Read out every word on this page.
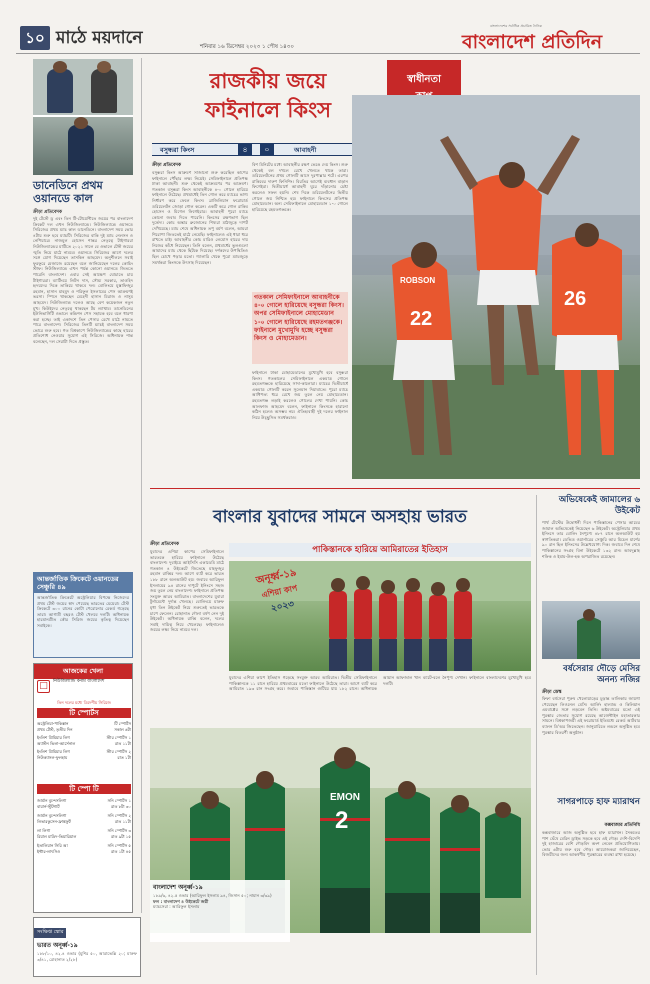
১০ মাঠে ময়দানে	শনিবার ১৬ ডিসেম্বর ২০২৩ ১ পৌষ ১৪৩০
বাংলাদেশের সর্বাধিক প্রচারিত দৈনিক
বাংলাদেশ প্রতিদিন
ডানেডিনে প্রথম ওয়ানডে কাল
ক্রীড়া প্রতিবেদক
দুই টেস্টে ড্র এবং তিন টি-টোয়েন্টিতে জয়ের পর বাংলাদেশ ক্রিকেট দল এখন নিউজিল্যান্ডে। নিউজিল্যান্ডে ওয়ানডে সিরিজের প্রথম ম্যাচ কাল ডানেডিনে। বাংলাদেশ সময় ভোর ৪টায় শুরু হবে ম্যাচটি। সিরিজের বাকি দুই ম্যাচ নেলসন ও নেপিয়ারে। নাজমুল হোসেন শান্তর নেতৃত্বে টাইগাররা নিউজিল্যান্ডের মাটিতে ২০২১ সালে বে ওভালে টেস্ট জয়ের স্মৃতি নিয়ে মাঠে নামবে। ওয়ানডে সিরিজের আগে দলের সঙ্গে যোগ দিয়েছেন তাসকিন আহমেদ। অনুশীলনে সবাই ফুরফুরে মেজাজে রয়েছেন বলে জানিয়েছেন দলের কোচিং স্টাফ। নিউজিল্যান্ডে এখন পর্যন্ত কোনো ওয়ানডে জিততে পারেনি বাংলাদেশ। এবার সেই আক্ষেপ ঘোচাতে চায় টাইগাররা। ব্যাটিংয়ে লিটন দাস, সৌম্য সরকার, তাওহিদ হৃদয়দের দিকে তাকিয়ে থাকবে দল। বোলিংয়ে মুস্তাফিজুর রহমান, হাসান মাহমুদ ও শরিফুল ইসলামের পেস আক্রমণই ভরসা। স্পিনে থাকছেন মেহেদী হাসান মিরাজ ও নাসুম আহমেদ। নিউজিল্যান্ড দলেও আছে বেশ কয়েকজন নতুন মুখ। কিউইদের নেতৃত্বে থাকছেন টম ল্যাথাম। ডানেডিনের ইউনিভার্সিটি ওভালে কন্ডিশন পেস সহায়ক হবে বলে ধারণা করা হচ্ছে। তাই একাদশে তিন পেসার রেখে মাঠে নামতে পারে বাংলাদেশ। সিরিজের তিনটি ম্যাচই বাংলাদেশ সময় ভোরে শুরু হবে। গত বিশ্বকাপে নিউজিল্যান্ডের কাছে হারের প্রতিশোধ নেওয়ার সুযোগ এই সিরিজে। অধিনায়ক শান্ত বলেছেন, দল সেরাটা দিতে প্রস্তুত।
আন্তর্জাতিক ক্রিকেটে ওয়ানডের সেঞ্চুরি ৪৯
আন্তর্জাতিক ক্রিকেটে অস্ট্রেলিয়ার বিপক্ষে নিজেদের প্রথম টেস্ট জয়ের স্বাদ পেয়েছে ভারতের মেয়েরা। টেস্ট ক্রিকেটে ৩০০ রানের কোটা পেরোনোর রেকর্ড গড়েছে তারা। আগামী বছরও টেস্ট খেলবে দলটি। অধিনায়ক হারমানপ্রীত কৌর সিরিজ জয়ের কৃতিত্ব দিয়েছেন সবাইকে।
আজকের খেলা
□	নিউজিল্যান্ড বনাম বাংলাদেশ
তিন দলের মধ্যে ত্রিদেশীয় সিরিজে
টি স্পোর্টস
টি স্পো টি
অস্ট্রেলিয়া-পাকিস্তান	টি স্পোর্টস
প্রথম টেস্ট, তৃতীয় দিন	সকাল ৬টা
ইংলিশ প্রিমিয়ার লিগ	স্টার স্পোর্টস ১
অ্যাস্টন ভিলা-আর্সেনাল	রাত ১১টা
ইংলিশ প্রিমিয়ার লিগ	স্টার স্পোর্টস ২
নিউক্যাসল-ফুলহাম	রাত ১টা
জার্মান বুন্দেসলিগা	সনি স্পোর্টস ১
বায়ার্ন-স্টুটগার্ট	রাত ৮টা ৩০
জার্মান বুন্দেসলিগা	সনি স্পোর্টস ২
লিভারকুসেন-ফ্রাঙ্কফুর্ট	রাত ১১টা
লা লিগা	সনি স্পোর্টস ৩
রিয়াল মাদ্রিদ-ভিয়ারিয়াল	রাত ৯টা ১৫
ইতালিয়ান সিরি আ	সনি স্পোর্টস ৫
ইন্টার-লাৎসিও	রাত ১টা ৪৫
সংক্ষিপ্ত স্কোর
ভারত অনূর্ধ্ব-১৯
১৮৮/১০, ৪২.৪ ওভার (মুশির ৫০, আরাভেল্লি ২০; মারুফ ৩/৪১, রোহানাত ২/২৮)
স্বাধীনতা
রাজকীয় জয়ে
ফাইনালে কিংস
বসুন্ধরা কিংস	৪	০	আবাহনী
ক্রীড়া প্রতিবেদক
বসুন্ধরা কিংস আক্রমণ সাজানো শুরু করেছিল কাপের ফাইনালে পৌঁছার লক্ষ্য নিয়েই। সেমিফাইনালে প্রতিপক্ষ ঢাকা আবাহনী। শুরু থেকেই আক্রমণের পর আক্রমণ। গতকাল বসুন্ধরা কিংস আবাহনীকে ৪-০ গোলে হারিয়ে ফাইনালে উঠেছে। প্রথমার্ধেই তিন গোল করে ম্যাচের ভাগ্য নির্ধারণ করে ফেলে কিংস। ব্রাজিলিয়ান ফরোয়ার্ড ডরিয়েলটন জোড়া গোল করেন। একটি করে গোল রাকিব হোসেন ও মিগেল ফিগেইরার। আবাহনী পুরো ম্যাচে কোনো জবাব দিতে পারেনি। কিংসের রক্ষণভাগ ছিল দুর্ভেদ্য। কোচ অস্কার ব্রুজোনের শিষ্যরা মাঠজুড়ে দাপট দেখিয়েছে। ম্যাচ শেষে অধিনায়ক তপু বর্মণ বলেন, আমরা শিরোপা জিততেই মাঠে নেমেছি। ফাইনালেও এই ধারা ধরে রাখতে চাই। আবাহনীর কোচ মারিও লেমোস হারের দায় নিজের কাঁধে নিয়েছেন। তিনি বলেন, প্রথমার্ধের ভুলগুলো আমাদের ম্যাচ থেকে ছিটকে দিয়েছে। দর্শকদের উপস্থিতিও ছিল চোখে পড়ার মতো। গ্যালারি থেকে পুরো ম্যাচজুড়ে সমর্থকরা কিংসকে উৎসাহ দিয়েছেন।
বিশ মিনিটের মধ্যে আবাহনীর রক্ষণ ভেঙে দেয় কিংস। শুরু থেকেই বল দখলে রেখে খেলতে থাকে তারা। ডরিয়েলটনের প্রথম গোলটি আসে দূরপাল্লার শটে। এরপর রাকিবের দারুণ ফিনিশিং। বিরতির আগেই ব্যবধান বাড়ান ফিগেইরা। দ্বিতীয়ার্ধে আবাহনী ঘুরে দাঁড়ানোর চেষ্টা করলেও সফল হয়নি। শেষ দিকে ডরিয়েলটনের দ্বিতীয় গোলে জয় নিশ্চিত হয়। ফাইনালে কিংসের প্রতিপক্ষ মোহামেডান। অন্য সেমিফাইনালে মোহামেডান ১-০ গোলে হারিয়েছে রহমতগঞ্জকে।
গতকাল সেমিফাইনালে আবাহনীকে ৪-০ গোলে হারিয়েছে বসুন্ধরা কিংস। অপর সেমিফাইনালে মোহামেডান ১-০ গোলে হারিয়েছে রহমতগঞ্জকে। ফাইনালে মুখোমুখি হচ্ছে বসুন্ধরা কিংস ও মোহামেডান।
ফাইনালে ঢাকা মোহামেডানের মুখোমুখি হবে বসুন্ধরা কিংস। গতকালের সেমিফাইনালে একমাত্র গোলে রহমতগঞ্জকে হারিয়েছে সাদা-কালোরা। ম্যাচের দ্বিতীয়ার্ধে একমাত্র গোলটি করেন সুলেমান দিয়াবাতে। পুরো ম্যাচে আধিপত্য ধরে রেখে জয় তুলে নেয় মোহামেডান। রহমতগঞ্জ লড়াই করলেও গোলের দেখা পায়নি। কোচ আলফাজ আহমেদ বলেন, ফাইনালে কিংসকে হারানো কঠিন হলেও অসম্ভব নয়। ঐতিহ্যবাহী দুই দলের ফাইনাল নিয়ে উচ্ছ্বসিত সমর্থকরাও।
22
26
ROBSON
বাংলার যুবাদের সামনে অসহায় ভারত
ক্রীড়া প্রতিবেদক
যুবাদের এশিয়া কাপের সেমিফাইনালে ভারতকে হারিয়ে ফাইনালে উঠেছে বাংলাদেশ। দুবাইয়ে আইসিসি একাডেমি মাঠে গতকাল ৪ উইকেটে জিতেছে মাহফুজুর রহমান রাব্বির দল। আগে ব্যাট করে ভারত ১৮৮ রানে অলআউট হয়। জবাবে আরিফুল ইসলামের ৯৪ রানের দাপুটে ইনিংসে সহজ জয় তুলে নেয় বাংলাদেশ। ফাইনালে প্রতিপক্ষ সংযুক্ত আরব আমিরাত। বাংলাদেশের যুবারা টুর্নামেন্টে দুর্দান্ত খেলছে। বোলিংয়ে মারুফ মৃধা তিন উইকেট নিয়ে শুরুতেই ভারতকে চাপে ফেলেন। রোহানাত দৌলা বর্ষণ নেন দুই উইকেট। অধিনায়ক রাব্বি বলেন, দলের সবাই দায়িত্ব নিয়ে খেলেছে। ফাইনালেও জয়ের লক্ষ্য নিয়ে নামবে দল।
পাকিস্তানকে হারিয়ে আমিরাতের ইতিহাস
অনূর্ধ্ব-১৯
এশিয়া কাপ
২০২৩
যুবাদের এশিয়া কাপে ইতিহাস গড়েছে সংযুক্ত আরব আমিরাত। দ্বিতীয় সেমিফাইনালে পাকিস্তানকে ১১ রানে হারিয়ে প্রথমবারের মতো ফাইনালে উঠেছে তারা। আগে ব্যাট করে আমিরাত ১৯৩ রান সংগ্রহ করে। জবাবে পাকিস্তান গুটিয়ে যায় ১৮২ রানে। অধিনায়ক আয়ান আফজাল খান ব্যাটে-বলে নৈপুণ্য দেখান। ফাইনালে বাংলাদেশের মুখোমুখি হবে দলটি।
EMON
2
বাংলাদেশ অনূর্ধ্ব-১৯
১৮৯/৬, ৪২.৫ ওভার (আরিফুল ইসলাম ৯৪, জিসান ৫০; নামান ৩/৩৯)
ফল : বাংলাদেশ ৪ উইকেটে জয়ী
ম্যাচসেরা : আরিফুল ইসলাম
অভিষেকেই জামালের ৬ উইকেট
পার্থ টেস্টের উদ্বোধনী দিনে পাকিস্তানের পেসার আমের জামাল অভিষেকেই নিয়েছেন ৬ উইকেট। অস্ট্রেলিয়ার প্রথম ইনিংসে তার বোলিং নৈপুণ্যে ৪৮৭ রানে অলআউট হয় স্বাগতিকরা। ডেভিড ওয়ার্নারের সেঞ্চুরি আর মিচেল মার্শের ৯০ রান ছিল ইনিংসের উল্লেখযোগ্য দিক। জবাবে দিন শেষে পাকিস্তানের সংগ্রহ বিনা উইকেটে ১৩২ রান। আবদুল্লাহ শফিক ও ইমাম-উল-হক অপরাজিত রয়েছেন।
বর্ষসেরার দৌড়ে মেসির অনন্য নজির
ক্রীড়া ডেস্ক
ফিফা বর্ষসেরা পুরুষ খেলোয়াড়ের চূড়ান্ত তালিকায় জায়গা পেয়েছেন লিওনেল মেসি। আর্লিং হাল্যান্ড ও কিলিয়ান এমবাপ্পের সঙ্গে লড়বেন তিনি। অষ্টমবারের মতো এই পুরস্কার জেতার সুযোগ রয়েছে আর্জেন্টাইন মহাতারকার সামনে। বিশ্বকাপজয়ী এই ফরোয়ার্ড ইতিমধ্যে রেকর্ড আটবার ব্যালন ডি'অর জিতেছেন। জানুয়ারিতে লন্ডনে অনুষ্ঠিত হবে পুরস্কার বিতরণী অনুষ্ঠান।
সাগরপাড়ে হাফ ম্যারাথন
কক্সবাজার প্রতিনিধি
কক্সবাজারে আজ অনুষ্ঠিত হবে হাফ ম্যারাথন। সৈকতের পাশ ঘেঁষে মেরিন ড্রাইভ সড়কে হবে এই দৌড়। দেশি-বিদেশি দুই হাজারের বেশি দৌড়বিদ অংশ নেবেন প্রতিযোগিতায়। ভোর ৬টায় শুরু হবে দৌড়। আয়োজকরা জানিয়েছেন, বিজয়ীদের জন্য আকর্ষণীয় পুরস্কারের ব্যবস্থা রাখা হয়েছে।
